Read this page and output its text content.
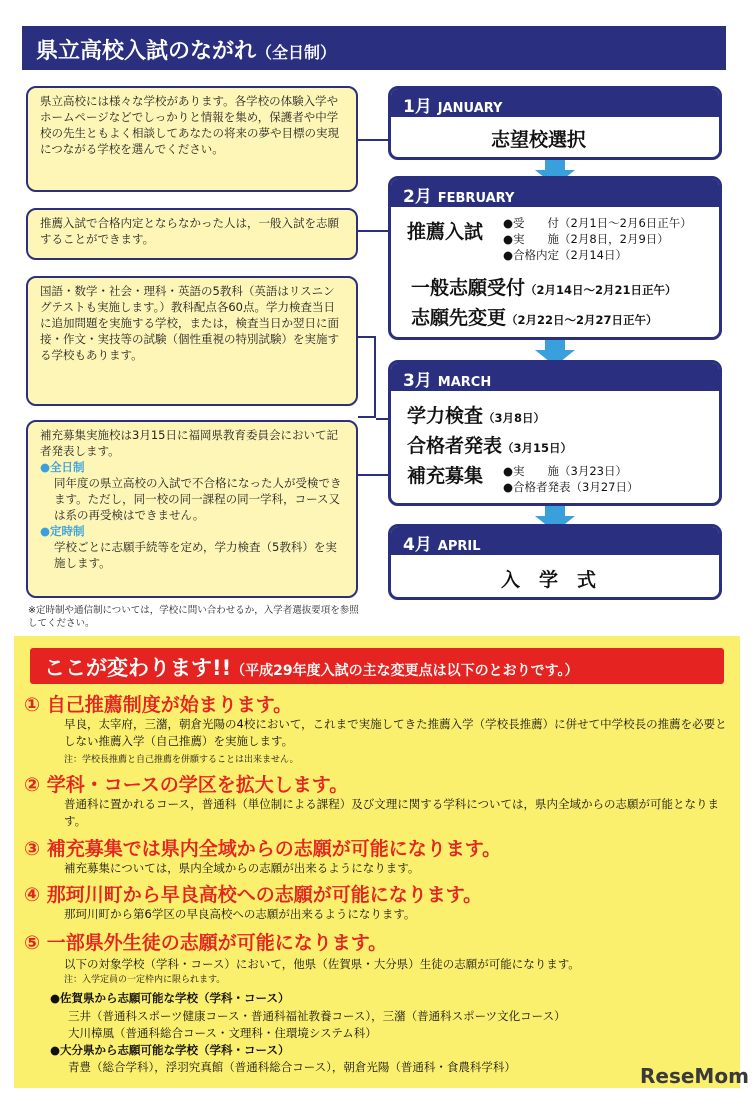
県立高校入試のながれ（全日制）
県立高校には様々な学校があります。各学校の体験入学やホームページなどでしっかりと情報を集め，保護者や中学校の先生ともよく相談してあなたの将来の夢や目標の実現につながる学校を選んでください。
推薦入試で合格内定とならなかった人は，一般入試を志願することができます。
国語・数学・社会・理科・英語の5教科（英語はリスニングテストも実施します。）教科配点各60点。学力検査当日に追加問題を実施する学校，または，検査当日か翌日に面接・作文・実技等の試験（個性重視の特別試験）を実施する学校もあります。
補充募集実施校は3月15日に福岡県教育委員会において記者発表します。
●全日制
同年度の県立高校の入試で不合格になった人が受検できます。ただし，同一校の同一課程の同一学科，コース又は系の再受検はできません。
●定時制
学校ごとに志願手続等を定め，学力検査（5教科）を実施します。
※定時制や通信制については，学校に問い合わせるか，入学者選抜要項を参照してください。
1月 JANUARY
志望校選択
2月 FEBRUARY
推薦入試 ●受　　付（2月1日～2月6日正午）
●実　　施（2月8日，2月9日）
●合格内定（2月14日）
一般志願受付（2月14日～2月21日正午）
志願先変更（2月22日～2月27日正午）
3月 MARCH
学力検査（3月8日）
合格者発表（3月15日）
補充募集 ●実　　施（3月23日）
●合格者発表（3月27日）
4月 APRIL
入　学　式
ここが変わります!!（平成29年度入試の主な変更点は以下のとおりです。）
① 自己推薦制度が始まります。
早良，太宰府，三潴，朝倉光陽の4校において，これまで実施してきた推薦入学（学校長推薦）に併せて中学校長の推薦を必要としない推薦入学（自己推薦）を実施します。
注：学校長推薦と自己推薦を併願することは出来ません。
② 学科・コースの学区を拡大します。
普通科に置かれるコース，普通科（単位制による課程）及び文理に関する学科については，県内全域からの志願が可能となります。
③ 補充募集では県内全域からの志願が可能になります。
補充募集については，県内全域からの志願が出来るようになります。
④ 那珂川町から早良高校への志願が可能になります。
那珂川町から第6学区の早良高校への志願が出来るようになります。
⑤ 一部県外生徒の志願が可能になります。
以下の対象学校（学科・コース）において，他県（佐賀県・大分県）生徒の志願が可能になります。
注：入学定員の一定枠内に限られます。
●佐賀県から志願可能な学校（学科・コース）
三井（普通科スポーツ健康コース・普通科福祉教養コース），三潴（普通科スポーツ文化コース）
大川樟風（普通科総合コース・文理科・住環境システム科）
●大分県から志願可能な学校（学科・コース）
青豊（総合学科），浮羽究真館（普通科総合コース），朝倉光陽（普通科・食農科学科）	ReseMom
